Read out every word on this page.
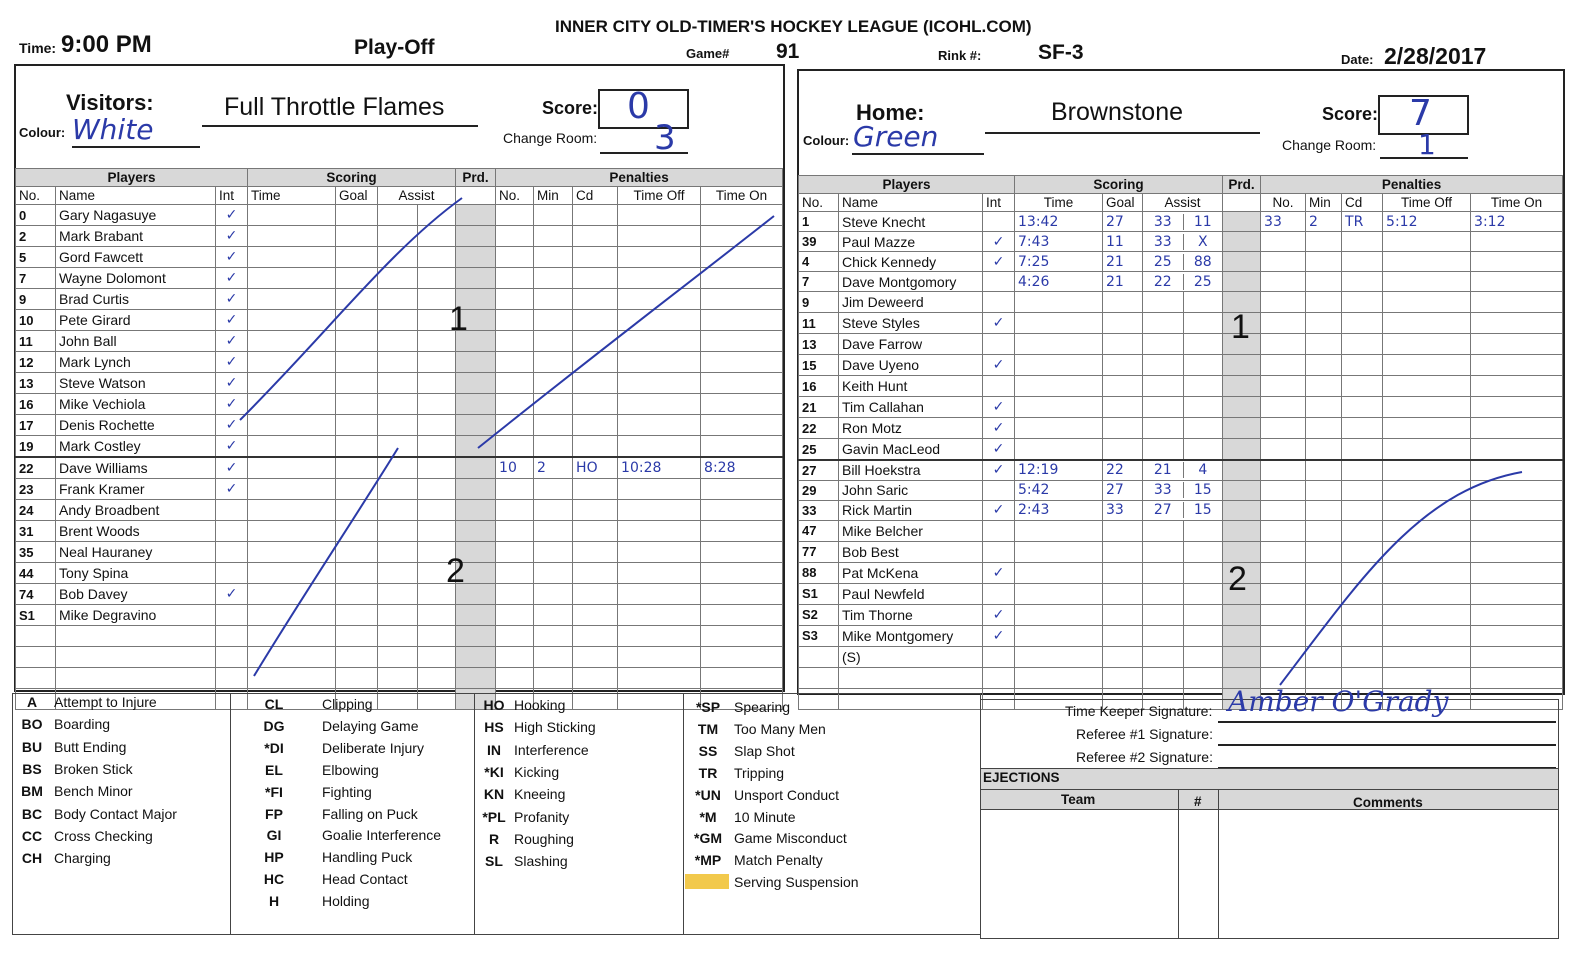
INNER CITY OLD-TIMER'S HOCKEY LEAGUE (ICOHL.COM)
Time: 9:00 PM	Play-Off	Game# 91	Rink #:	SF-3	Date: 2/28/2017
Visitors:	Full Throttle Flames
Colour: White
Score: 0
Change Room: 3
Players			Scoring			Prd.	Penalties				
No.	Name	Int	Time	Goal	Assist		No.	Min	Cd	Time Off	Time On
0	Gary Nagasuye	✓			

2	Mark Brabant	✓			

5	Gord Fawcett	✓			

7	Wayne Dolomont	✓			

9	Brad Curtis	✓			

10	Pete Girard	✓			

11	John Ball	✓			

12	Mark Lynch	✓			

13	Steve Watson	✓			

16	Mike Vechiola	✓			

17	Denis Rochette	✓			

19	Mark Costley	✓			

22	Dave Williams	✓					10	2	HO	10:28	8:28
23	Frank Kramer	✓			

24	Andy Broadbent				

31	Brent Woods				

35	Neal Hauraney				

44	Tony Spina				

74	Bob Davey	✓			

S1	Mike Degravino				

Home:	Brownstone
Colour: Green
Score: 7
Change Room: 1
Players			Scoring			Prd.	Penalties				
No.	Name	Int	Time	Goal	Assist		No.	Min	Cd	Time Off	Time On
1	Steve Knecht		13:42	27	33 11		33	2	TR	5:12	3:12
39	Paul Mazze	✓	7:43	11	33 X						
4	Chick Kennedy	✓	7:25	21	25 88						
7	Dave Montgomory		4:26	21	22 25						
9	Jim Deweerd				

11	Steve Styles	✓			

13	Dave Farrow				

15	Dave Uyeno	✓			

16	Keith Hunt				

21	Tim Callahan	✓			

22	Ron Motz	✓			

25	Gavin MacLeod	✓			

27	Bill Hoekstra	✓	12:19	22	21 4						
29	John Saric		5:42	27	33 15						
33	Rick Martin	✓	2:43	33	27 15						
47	Mike Belcher				

77	Bob Best				

88	Pat McKena	✓			

S1	Paul Newfeld				

S2	Tim Thorne	✓			

S3	Mike Montgomery	✓			

	(S)				

1
2
1
2
A	Attempt to Injure
BO Boarding
BU Butt Ending
BS Broken Stick
BM Bench Minor
BC Body Contact Major
CC Cross Checking
CH Charging
CL	Clipping
DG	Delaying Game
*DI	Deliberate Injury
EL	Elbowing
*FI	Fighting
FP	Falling on Puck
GI	Goalie Interference
HP	Handling Puck
HC	Head Contact
H	Holding
HO Hooking
HS High Sticking
IN Interference
*KI Kicking
KN Kneeing
*PL Profanity
R	Roughing
SL Slashing
*SP Spearing
TM	Too Many Men
SS	Slap Shot
TR	Tripping
*UN Unsport Conduct
*M	10 Minute
*GM Game Misconduct
*MP Match Penalty
Serving Suspension
Time Keeper Signature: Amber O'Grady
Referee #1 Signature:
Referee #2 Signature:
EJECTIONS
Team	#	Comments
